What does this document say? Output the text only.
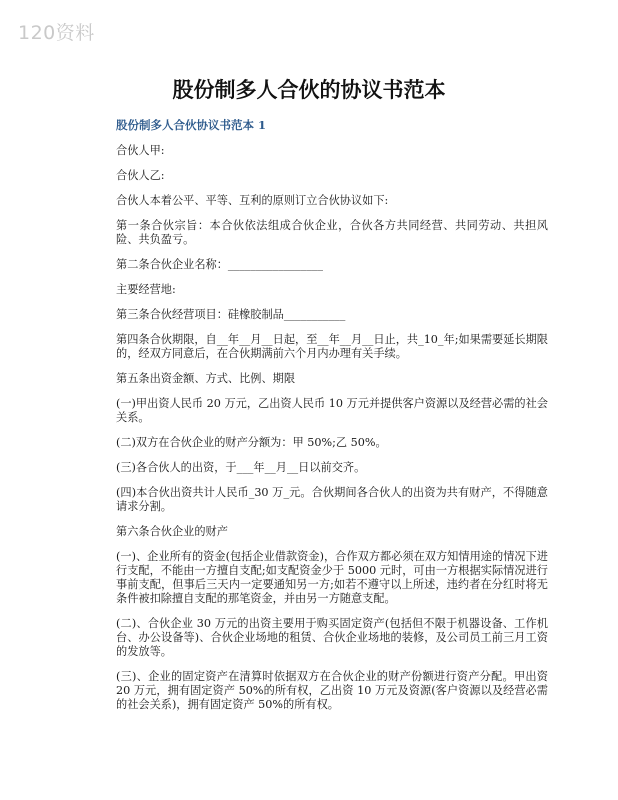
120资料
股份制多人合伙的协议书范本
股份制多人合伙协议书范本 1

合伙人甲:

合伙人乙:

合伙人本着公平、平等、互利的原则订立合伙协议如下:

第一条合伙宗旨：本合伙依法组成合伙企业，合伙各方共同经营、共同劳动、共担风险、共负盈亏。

第二条合伙企业名称：_________________

主要经营地:

第三条合伙经营项目：硅橡胶制品___________

第四条合伙期限，自__年__月__日起，至__年__月__日止，共_10_年;如果需要延长期限的，经双方同意后，在合伙期满前六个月内办理有关手续。

第五条出资金额、方式、比例、期限

(一)甲出资人民币 20 万元，乙出资人民币 10 万元并提供客户资源以及经营必需的社会关系。

(二)双方在合伙企业的财产分额为：甲 50%;乙 50%。

(三)各合伙人的出资，于___年__月__日以前交齐。

(四)本合伙出资共计人民币_30 万_元。合伙期间各合伙人的出资为共有财产，不得随意请求分割。

第六条合伙企业的财产

(一)、企业所有的资金(包括企业借款资金)，合作双方都必须在双方知情用途的情况下进行支配，不能由一方擅自支配;如支配资金少于 5000 元时，可由一方根据实际情况进行事前支配，但事后三天内一定要通知另一方;如若不遵守以上所述，违约者在分红时将无条件被扣除擅自支配的那笔资金，并由另一方随意支配。

(二)、合伙企业 30 万元的出资主要用于购买固定资产(包括但不限于机器设备、工作机台、办公设备等)、合伙企业场地的租赁、合伙企业场地的装修，及公司员工前三月工资的发放等。

(三)、企业的固定资产在清算时依据双方在合伙企业的财产份额进行资产分配。甲出资 20 万元，拥有固定资产 50%的所有权，乙出资 10 万元及资源(客户资源以及经营必需的社会关系)，拥有固定资产 50%的所有权。
